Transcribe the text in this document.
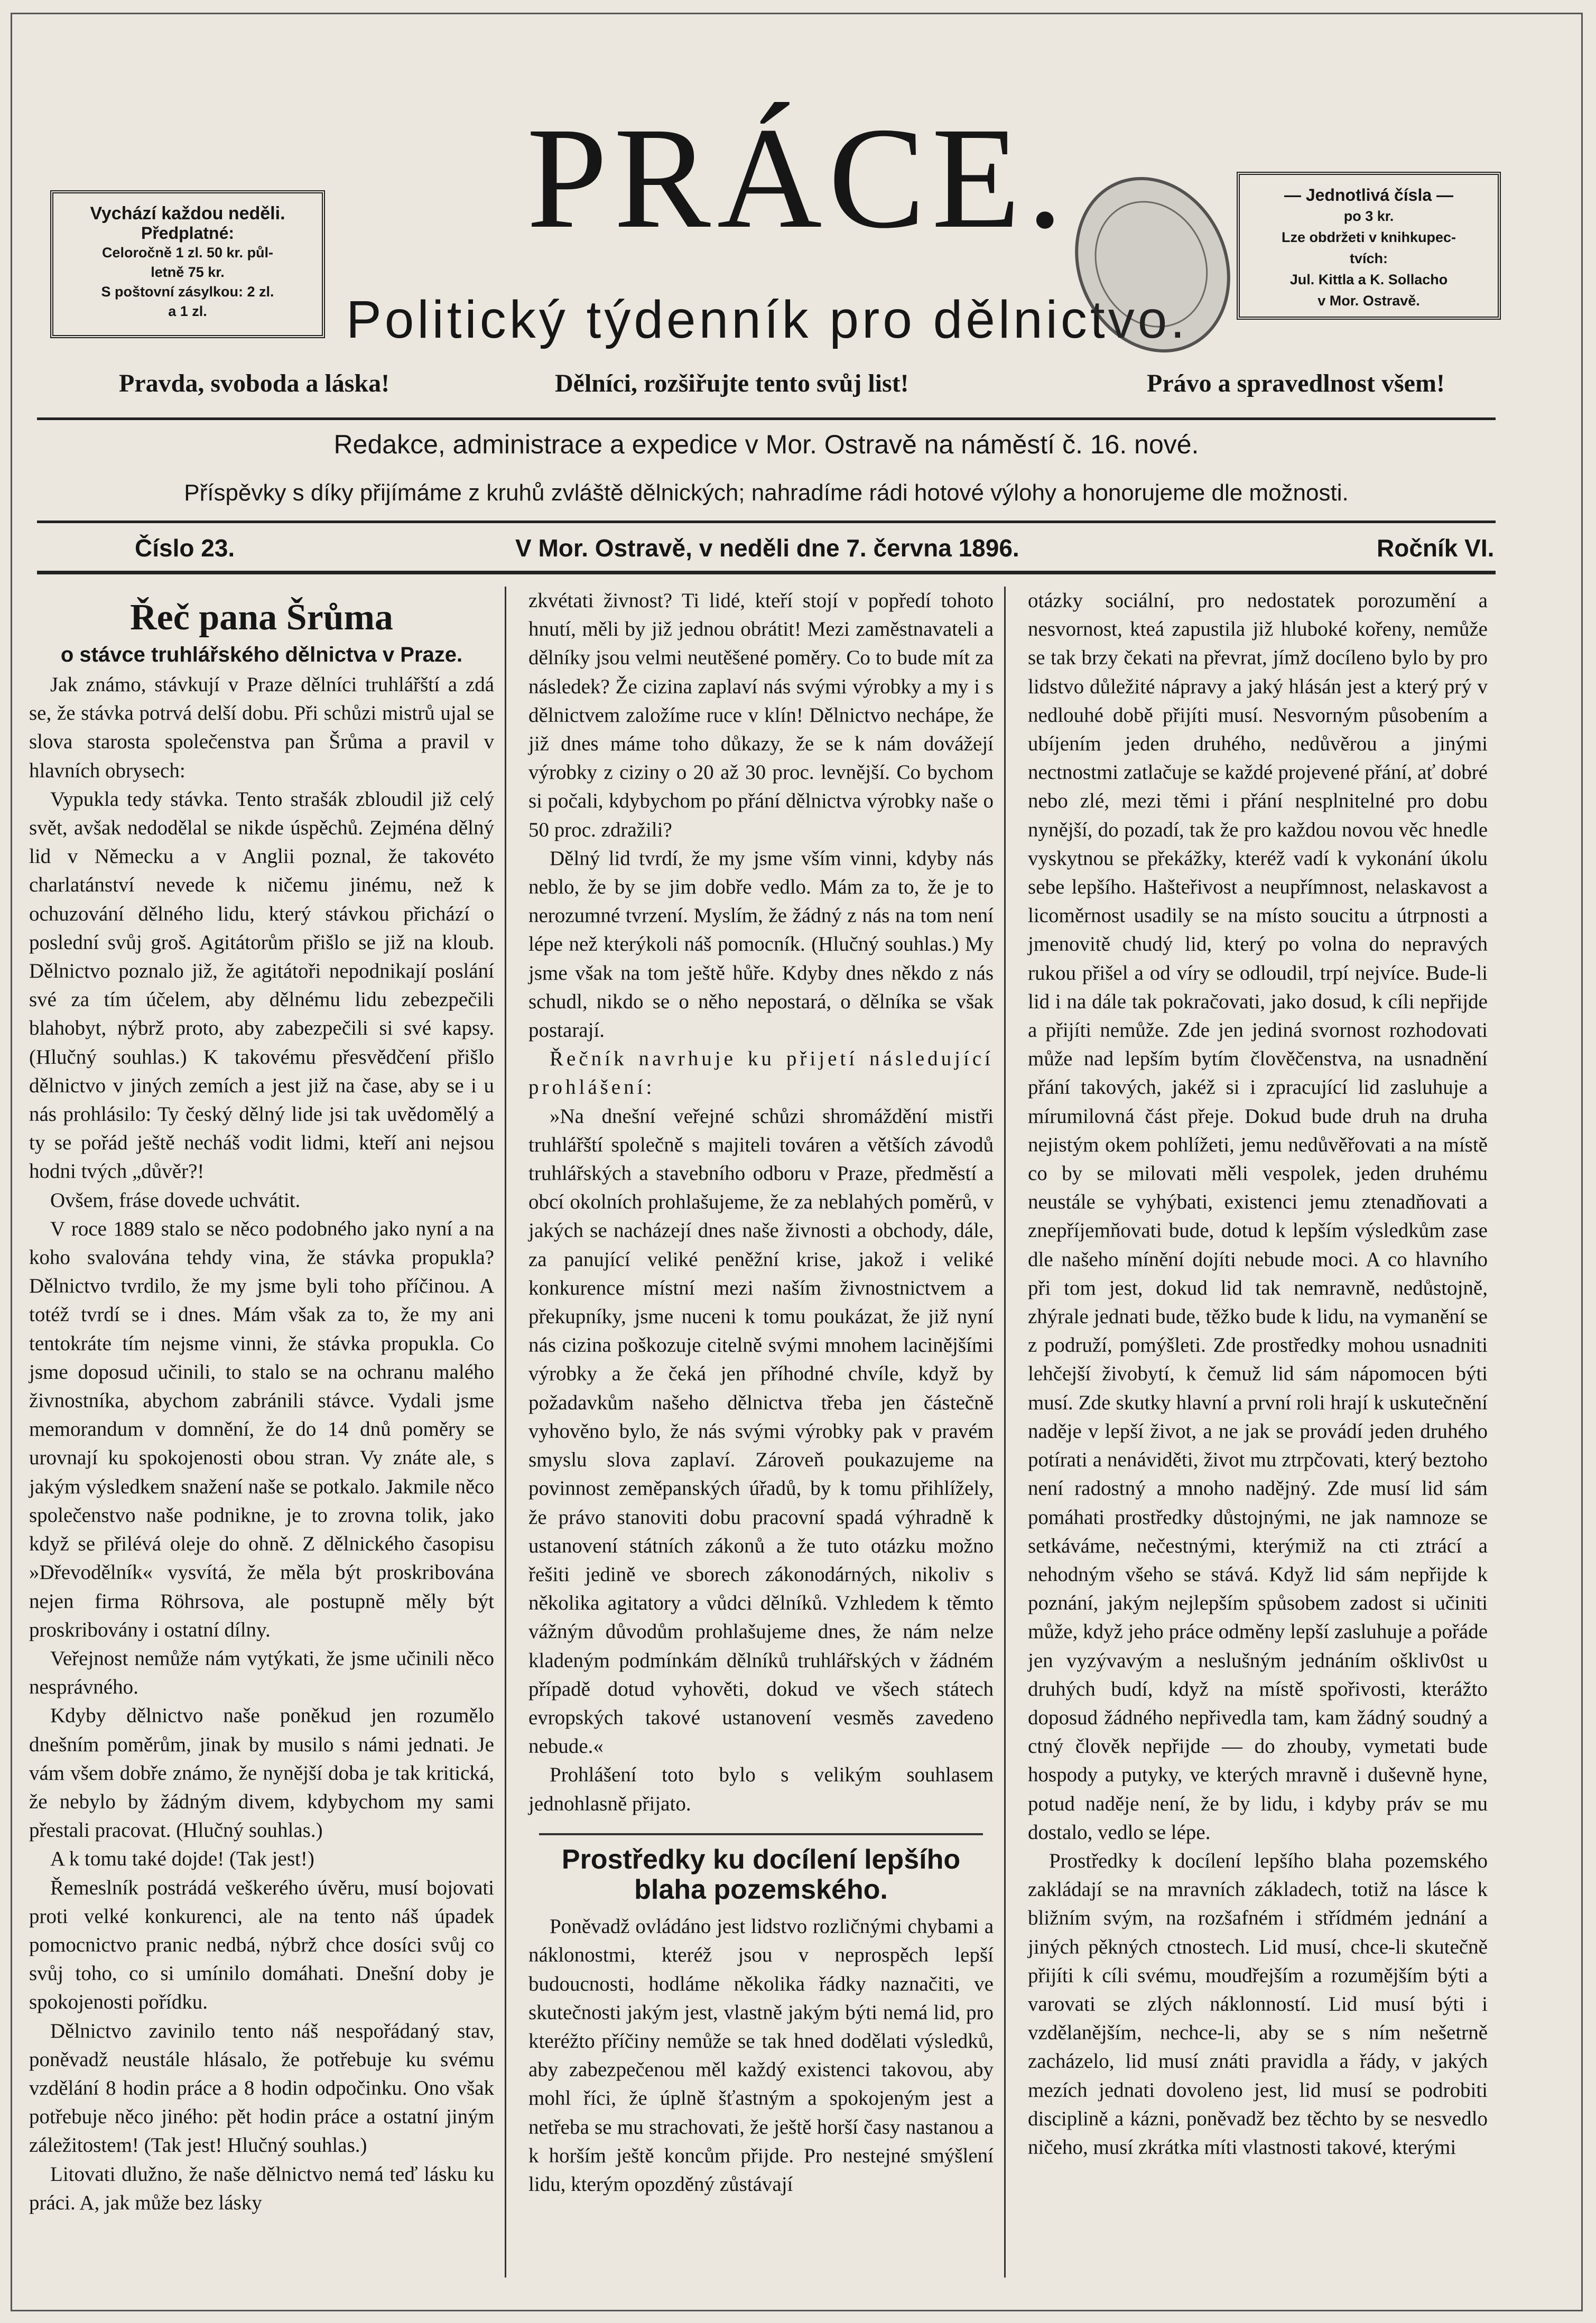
Vychází každou neděli.
Předplatné:
Celoročně 1 zl. 50 kr. půl-
letně 75 kr.
S poštovní zásylkou: 2 zl.
a 1 zl.
PRÁCE.
Politický týdenník pro dělnictvo.
— Jednotlivá čísla —
po 3 kr.
Lze obdržeti v knihkupec-
tvích:
Jul. Kittla a K. Sollacho
v Mor. Ostravě.
Pravda, svoboda a láska!	Dělníci, rozšiřujte tento svůj list!	Právo a spravedlnost všem!
Redakce, administrace a expedice v Mor. Ostravě na náměstí č. 16. nové.
Příspěvky s díky přijímáme z kruhů zvláště dělnických; nahradíme rádi hotové výlohy a honorujeme dle možnosti.
Číslo 23.	V Mor. Ostravě, v neděli dne 7. června 1896.	Ročník VI.
Řeč pana Šrůma
o stávce truhlářského dělnictva v Praze.

Jak známo, stávkují v Praze dělníci truhlářští a zdá se, že stávka potrvá delší dobu. Při schůzi mistrů ujal se slova starosta společenstva pan Šrůma a pravil v hlavních obrysech:

Vypukla tedy stávka. Tento strašák zbloudil již celý svět, avšak nedodělal se nikde úspěchů. Zejména dělný lid v Německu a v Anglii poznal, že takovéto charlatánství nevede k ničemu jinému, než k ochuzování dělného lidu, který stávkou přichází o poslední svůj groš. Agitátorům přišlo se již na kloub. Dělnictvo poznalo již, že agitátoři nepodnikají poslání své za tím účelem, aby dělnému lidu zebezpečili blahobyt, nýbrž proto, aby zabezpečili si své kapsy. (Hlučný souhlas.) K takovému přesvědčení přišlo dělnictvo v jiných zemích a jest již na čase, aby se i u nás prohlásilo: Ty český dělný lide jsi tak uvědomělý a ty se pořád ještě necháš vodit lidmi, kteří ani nejsou hodni tvých „důvěr?!

Ovšem, fráse dovede uchvátit.

V roce 1889 stalo se něco podobného jako nyní a na koho svalována tehdy vina, že stávka propukla? Dělnictvo tvrdilo, že my jsme byli toho příčinou. A totéž tvrdí se i dnes. Mám však za to, že my ani tentokráte tím nejsme vinni, že stávka propukla. Co jsme doposud učinili, to stalo se na ochranu malého živnostníka, abychom zabránili stávce. Vydali jsme memorandum v domnění, že do 14 dnů poměry se urovnají ku spokojenosti obou stran. Vy znáte ale, s jakým výsledkem snažení naše se potkalo. Jakmile něco společenstvo naše podnikne, je to zrovna tolik, jako když se přilévá oleje do ohně. Z dělnického časopisu »Dřevodělník« vysvítá, že měla být proskribována nejen firma Röhrsova, ale postupně měly být proskribovány i ostatní dílny.

Veřejnost nemůže nám vytýkati, že jsme učinili něco nesprávného.

Kdyby dělnictvo naše poněkud jen rozumělo dnešním poměrům, jinak by musilo s námi jednati. Je vám všem dobře známo, že nynější doba je tak kritická, že nebylo by žádným divem, kdybychom my sami přestali pracovat. (Hlučný souhlas.)

A k tomu také dojde! (Tak jest!)

Řemeslník postrádá veškerého úvěru, musí bojovati proti velké konkurenci, ale na tento náš úpadek pomocnictvo pranic nedbá, nýbrž chce dosíci svůj co svůj toho, co si umínilo domáhati. Dnešní doby je spokojenosti pořídku.

Dělnictvo zavinilo tento náš nespořádaný stav, poněvadž neustále hlásalo, že potřebuje ku svému vzdělání 8 hodin práce a 8 hodin odpočinku. Ono však potřebuje něco jiného: pět hodin práce a ostatní jiným záležitostem! (Tak jest! Hlučný souhlas.)

Litovati dlužno, že naše dělnictvo nemá teď lásku ku práci. A, jak může bez lásky

zkvétati živnost? Ti lidé, kteří stojí v popředí tohoto hnutí, měli by již jednou obrátit! Mezi zaměstnavateli a dělníky jsou velmi neutěšené poměry. Co to bude mít za následek? Že cizina zaplaví nás svými výrobky a my i s dělnictvem založíme ruce v klín! Dělnictvo nechápe, že již dnes máme toho důkazy, že se k nám dovážejí výrobky z ciziny o 20 až 30 proc. levnější. Co bychom si počali, kdybychom po přání dělnictva výrobky naše o 50 proc. zdražili?

Dělný lid tvrdí, že my jsme vším vinni, kdyby nás neblo, že by se jim dobře vedlo. Mám za to, že je to nerozumné tvrzení. Myslím, že žádný z nás na tom není lépe než kterýkoli náš pomocník. (Hlučný souhlas.) My jsme však na tom ještě hůře. Kdyby dnes někdo z nás schudl, nikdo se o něho nepostará, o dělníka se však postarají.

Řečník navrhuje ku přijetí následující prohlášení:

»Na dnešní veřejné schůzi shromáždění mistři truhlářští společně s majiteli továren a větších závodů truhlářských a stavebního odboru v Praze, předměstí a obcí okolních prohlašujeme, že za neblahých poměrů, v jakých se nacházejí dnes naše živnosti a obchody, dále, za panující veliké peněžní krise, jakož i veliké konkurence místní mezi naším živnostnictvem a překupníky, jsme nuceni k tomu poukázat, že již nyní nás cizina poškozuje citelně svými mnohem lacinějšími výrobky a že čeká jen příhodné chvíle, když by požadavkům našeho dělnictva třeba jen částečně vyhověno bylo, že nás svými výrobky pak v pravém smyslu slova zaplaví. Zároveň poukazujeme na povinnost zeměpanských úřadů, by k tomu přihlížely, že právo stanoviti dobu pracovní spadá výhradně k ustanovení státních zákonů a že tuto otázku možno řešiti jedině ve sborech zákonodárných, nikoliv s několika agitatory a vůdci dělníků. Vzhledem k těmto vážným důvodům prohlašujeme dnes, že nám nelze kladeným podmínkám dělníků truhlářských v žádném případě dotud vyhověti, dokud ve všech státech evropských takové ustanovení vesměs zavedeno nebude.«

Prohlášení toto bylo s velikým souhlasem jednohlasně přijato.

Prostředky ku docílení lepšího blaha pozemského.

Poněvadž ovládáno jest lidstvo rozličnými chybami a náklonostmi, kteréž jsou v neprospěch lepší budoucnosti, hodláme několika řádky naznačiti, ve skutečnosti jakým jest, vlastně jakým býti nemá lid, pro kteréžto příčiny nemůže se tak hned dodělati výsledků, aby zabezpečenou měl každý existenci takovou, aby mohl říci, že úplně šťastným a spokojeným jest a netřeba se mu strachovati, že ještě horší časy nastanou a k horším ještě koncům přijde. Pro nestejné smýšlení lidu, kterým opozděný zůstávají

otázky sociální, pro nedostatek porozumění a nesvornost, kteá zapustila již hluboké kořeny, nemůže se tak brzy čekati na převrat, jímž docíleno bylo by pro lidstvo důležité nápravy a jaký hlásán jest a který prý v nedlouhé době přijíti musí. Nesvorným působením a ubíjením jeden druhého, nedůvěrou a jinými nectnostmi zatlačuje se každé projevené přání, ať dobré nebo zlé, mezi těmi i přání nesplnitelné pro dobu nynější, do pozadí, tak že pro každou novou věc hnedle vyskytnou se překážky, kteréž vadí k vykonání úkolu sebe lepšího. Hašteřivost a neupřímnost, nelaskavost a licoměrnost usadily se na místo soucitu a útrpnosti a jmenovitě chudý lid, který po volna do nepravých rukou přišel a od víry se odloudil, trpí nejvíce. Bude-li lid i na dále tak pokračovati, jako dosud, k cíli nepřijde a přijíti nemůže. Zde jen jediná svornost rozhodovati může nad lepším bytím člověčenstva, na usnadnění přání takových, jakéž si i zpracující lid zasluhuje a mírumilovná část přeje. Dokud bude druh na druha nejistým okem pohlížeti, jemu nedůvěřovati a na místě co by se milovati měli vespolek, jeden druhému neustále se vyhýbati, existenci jemu ztenadňovati a znepříjemňovati bude, dotud k lepším výsledkům zase dle našeho mínění dojíti nebude moci. A co hlavního při tom jest, dokud lid tak nemravně, nedůstojně, zhýrale jednati bude, těžko bude k lidu, na vymanění se z podruží, pomýšleti. Zde prostředky mohou usnadniti lehčejší živobytí, k čemuž lid sám nápomocen býti musí. Zde skutky hlavní a první roli hrají k uskutečnění naděje v lepší život, a ne jak se provádí jeden druhého potírati a nenáviděti, život mu ztrpčovati, který beztoho není radostný a mnoho nadějný. Zde musí lid sám pomáhati prostředky důstojnými, ne jak namnoze se setkáváme, nečestnými, kterýmiž na cti ztrácí a nehodným všeho se stává. Když lid sám nepřijde k poznání, jakým nejlepším spůsobem zadost si učiniti může, když jeho práce odměny lepší zasluhuje a pořáde jen vyzývavým a neslušným jednáním oškliv0st u druhých budí, když na místě spořivosti, kterážto doposud žádného nepřivedla tam, kam žádný soudný a ctný člověk nepřijde — do zhouby, vymetati bude hospody a putyky, ve kterých mravně i duševně hyne, potud naděje není, že by lidu, i kdyby práv se mu dostalo, vedlo se lépe.

Prostředky k docílení lepšího blaha pozemského zakládají se na mravních základech, totiž na lásce k bližním svým, na rozšafném i střídmém jednání a jiných pěkných ctnostech. Lid musí, chce-li skutečně přijíti k cíli svému, moudřejším a rozumějším býti a varovati se zlých náklonností. Lid musí býti i vzdělanějším, nechce-li, aby se s ním nešetrně zacházelo, lid musí znáti pravidla a řády, v jakých mezích jednati dovoleno jest, lid musí se podrobiti disciplině a kázni, poněvadž bez těchto by se nesvedlo ničeho, musí zkrátka míti vlastnosti takové, kterými
